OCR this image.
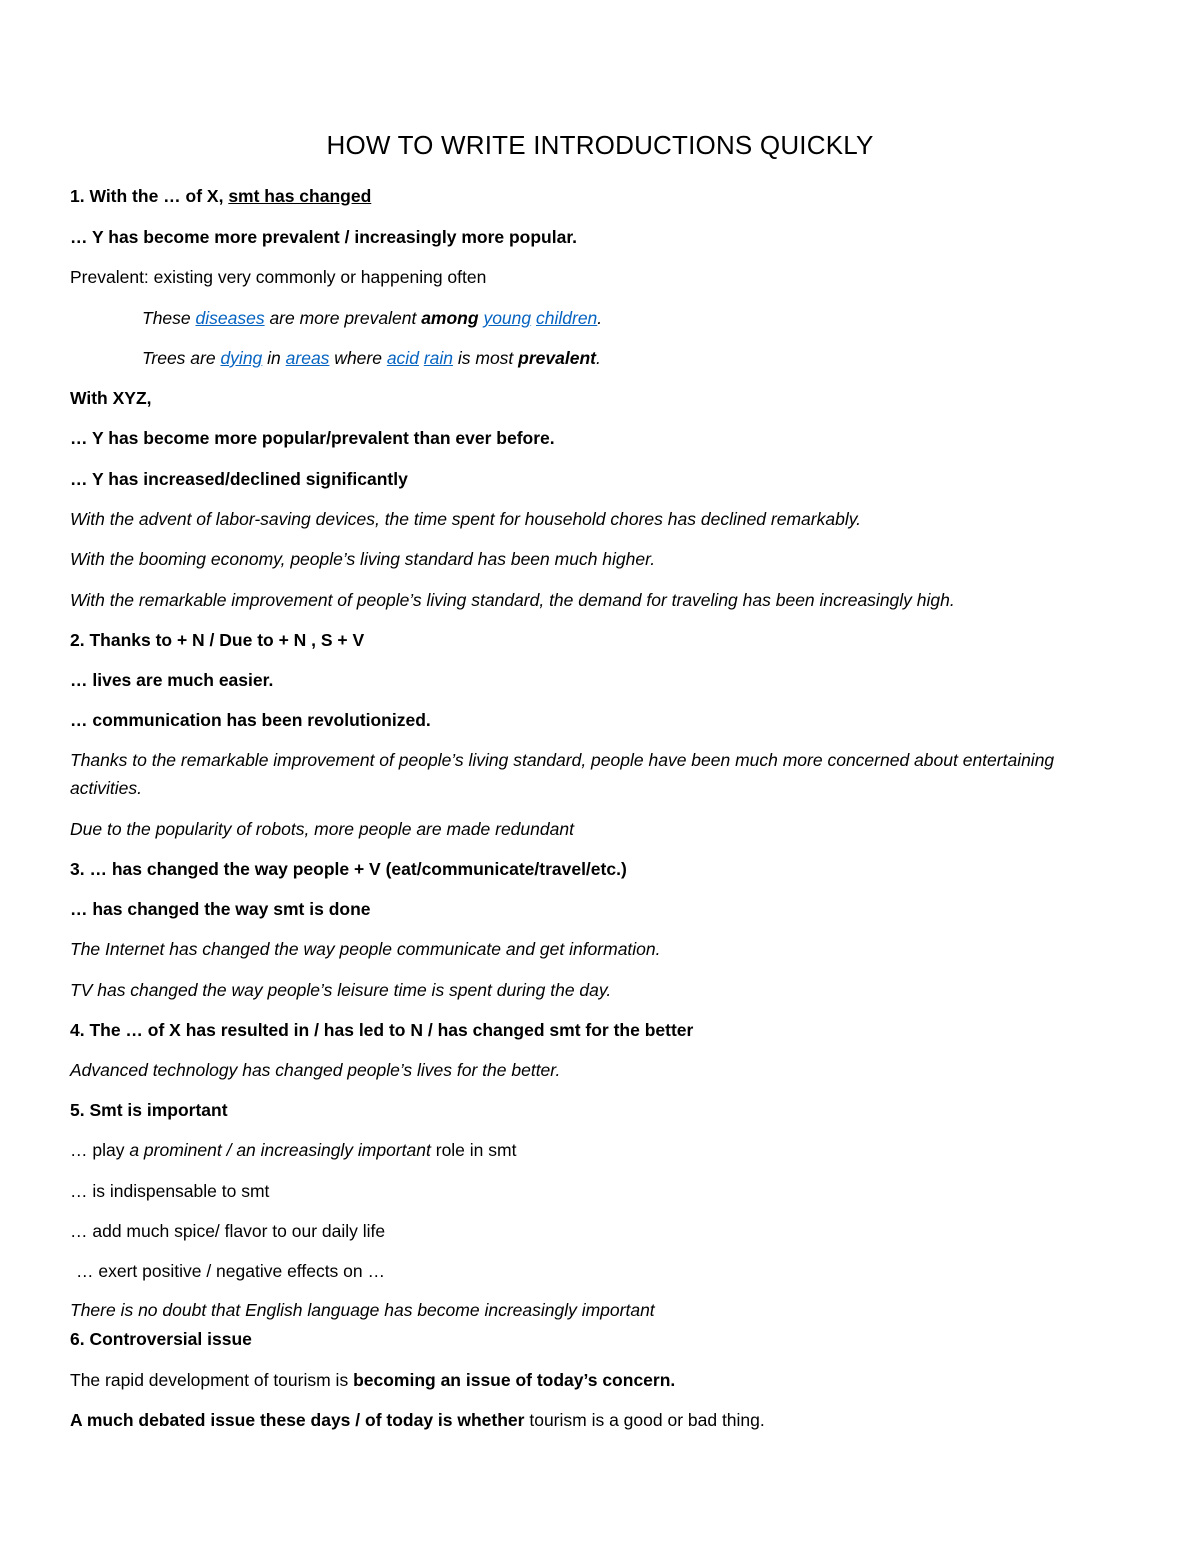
HOW TO WRITE INTRODUCTIONS QUICKLY

1. With the … of X, smt has changed

… Y has become more prevalent / increasingly more popular.

Prevalent: existing very commonly or happening often

These diseases are more prevalent among young children.

Trees are dying in areas where acid rain is most prevalent.

With XYZ,

… Y has become more popular/prevalent than ever before.

… Y has increased/declined significantly

With the advent of labor-saving devices, the time spent for household chores has declined remarkably.

With the booming economy, people’s living standard has been much higher.

With the remarkable improvement of people’s living standard, the demand for traveling has been increasingly high.

2. Thanks to + N / Due to + N , S + V

… lives are much easier.

… communication has been revolutionized.

Thanks to the remarkable improvement of people’s living standard, people have been much more concerned about entertaining activities.

Due to the popularity of robots, more people are made redundant

3. … has changed the way people + V (eat/communicate/travel/etc.)

… has changed the way smt is done

The Internet has changed the way people communicate and get information.

TV has changed the way people’s leisure time is spent during the day.

4. The … of X has resulted in / has led to N / has changed smt for the better

Advanced technology has changed people’s lives for the better.

5. Smt is important

… play a prominent / an increasingly important role in smt

… is indispensable to smt

… add much spice/ flavor to our daily life

… exert positive / negative effects on …

There is no doubt that English language has become increasingly important

6. Controversial issue

The rapid development of tourism is becoming an issue of today’s concern.

A much debated issue these days / of today is whether tourism is a good or bad thing.
